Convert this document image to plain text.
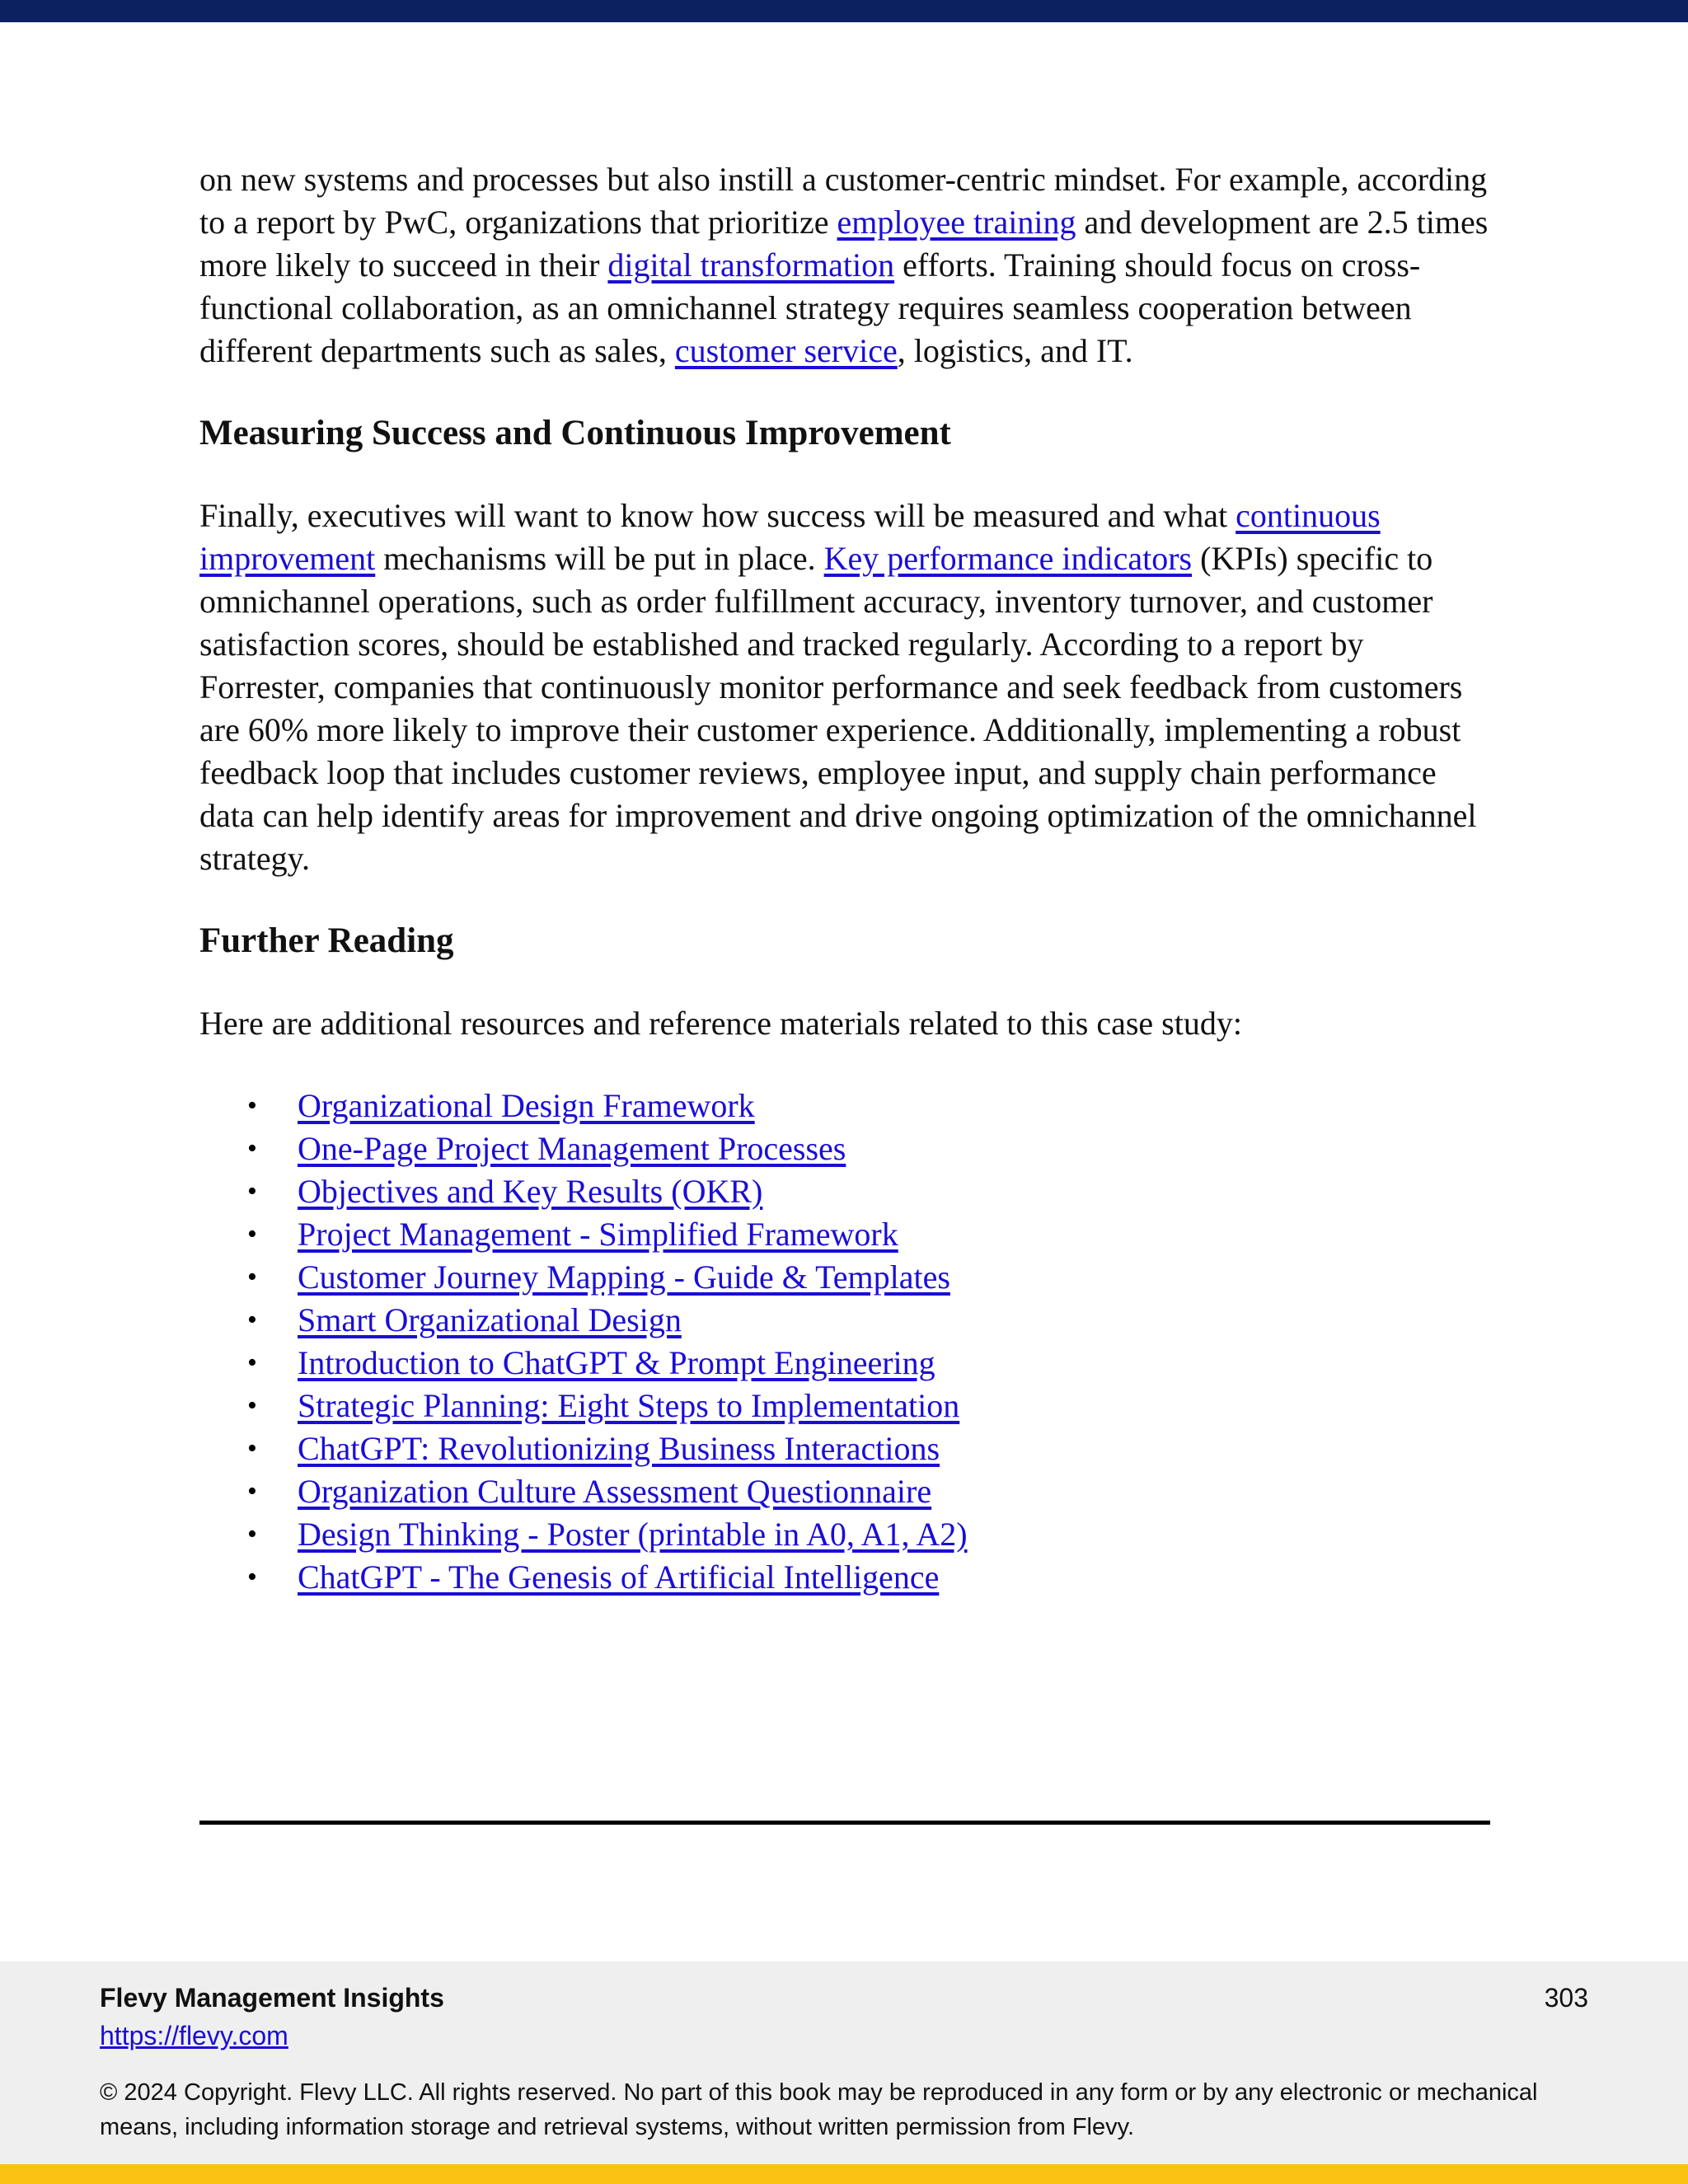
on new systems and processes but also instill a customer-centric mindset. For example, according to a report by PwC, organizations that prioritize employee training and development are 2.5 times more likely to succeed in their digital transformation efforts. Training should focus on cross-functional collaboration, as an omnichannel strategy requires seamless cooperation between different departments such as sales, customer service, logistics, and IT.

Measuring Success and Continuous Improvement

Finally, executives will want to know how success will be measured and what continuous improvement mechanisms will be put in place. Key performance indicators (KPIs) specific to omnichannel operations, such as order fulfillment accuracy, inventory turnover, and customer satisfaction scores, should be established and tracked regularly. According to a report by Forrester, companies that continuously monitor performance and seek feedback from customers are 60% more likely to improve their customer experience. Additionally, implementing a robust feedback loop that includes customer reviews, employee input, and supply chain performance data can help identify areas for improvement and drive ongoing optimization of the omnichannel strategy.

Further Reading

Here are additional resources and reference materials related to this case study:

• Organizational Design Framework
• One-Page Project Management Processes
• Objectives and Key Results (OKR)
• Project Management - Simplified Framework
• Customer Journey Mapping - Guide & Templates
• Smart Organizational Design
• Introduction to ChatGPT & Prompt Engineering
• Strategic Planning: Eight Steps to Implementation
• ChatGPT: Revolutionizing Business Interactions
• Organization Culture Assessment Questionnaire
• Design Thinking - Poster (printable in A0, A1, A2)
• ChatGPT - The Genesis of Artificial Intelligence
Flevy Management Insights
https://flevy.com
303
© 2024 Copyright. Flevy LLC. All rights reserved. No part of this book may be reproduced in any form or by any electronic or mechanical means, including information storage and retrieval systems, without written permission from Flevy.
